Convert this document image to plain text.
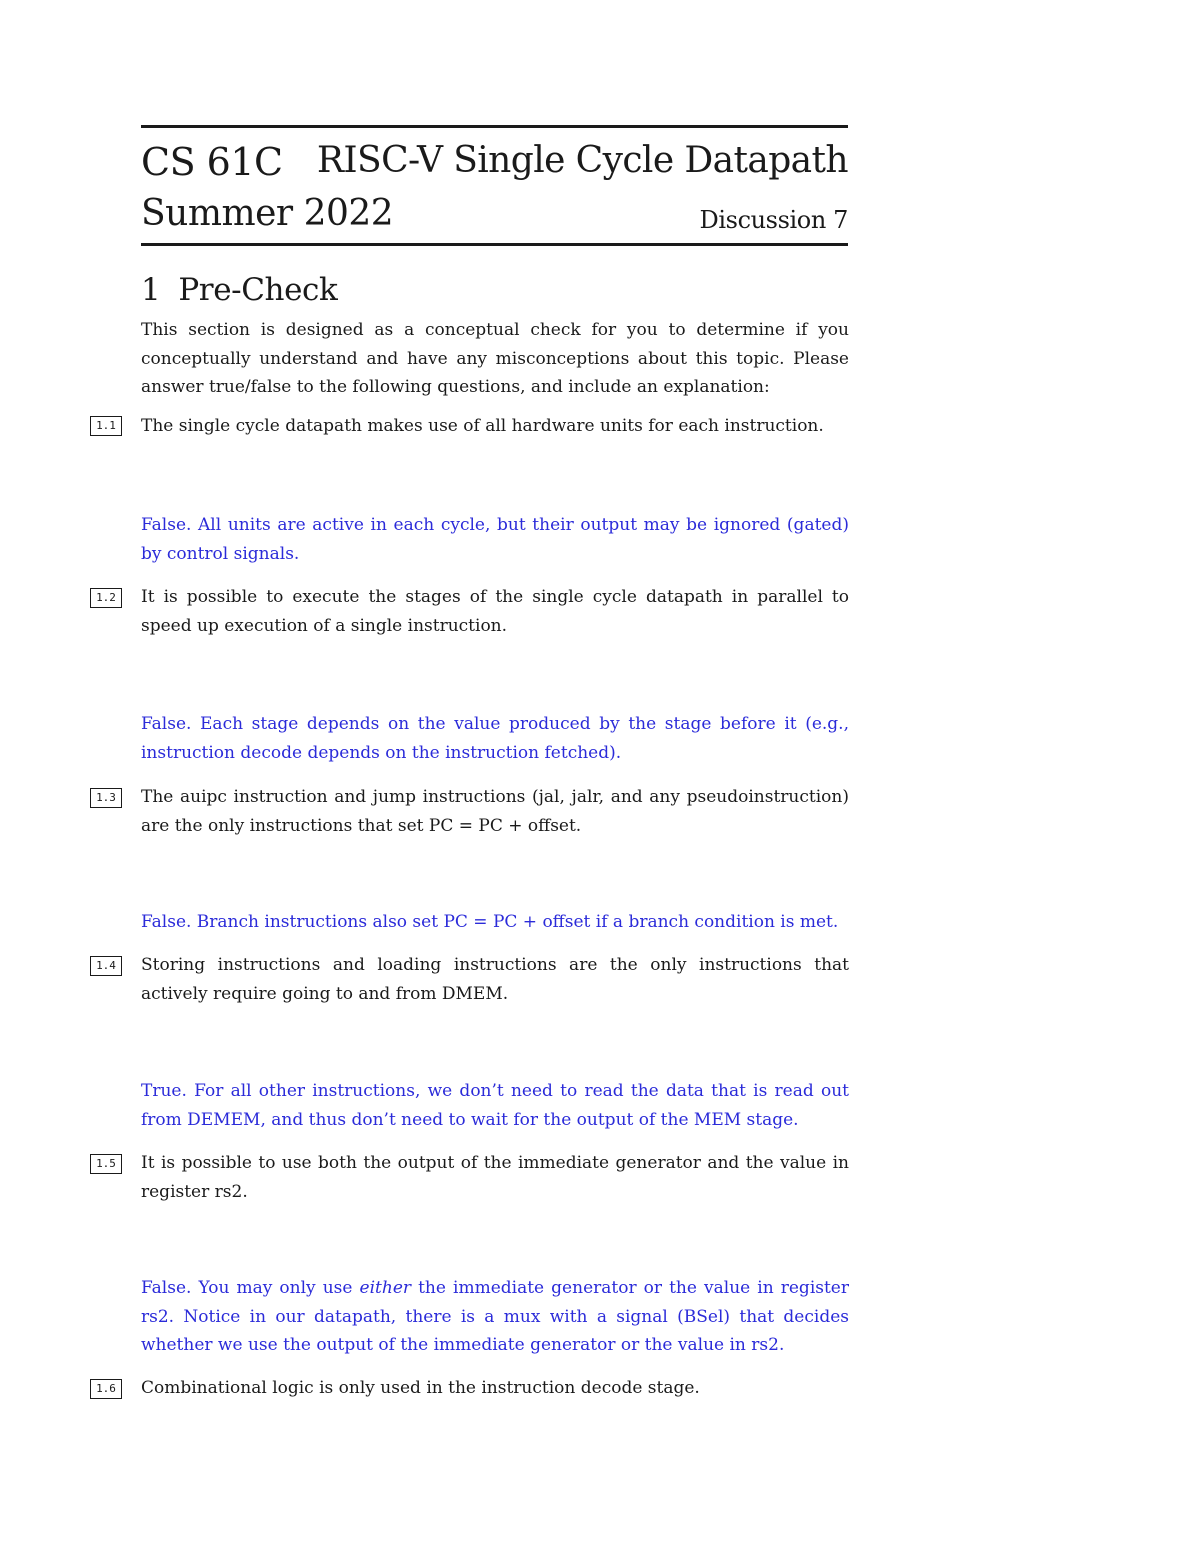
CS 61C RISC-V Single Cycle Datapath
Summer 2022	Discussion 7
1 Pre-Check
This section is designed as a conceptual check for you to determine if you conceptually understand and have any misconceptions about this topic. Please answer true/false to the following questions, and include an explanation:
1.1	The single cycle datapath makes use of all hardware units for each instruction.
False. All units are active in each cycle, but their output may be ignored (gated) by control signals.
1.2	It is possible to execute the stages of the single cycle datapath in parallel to speed up execution of a single instruction.
False. Each stage depends on the value produced by the stage before it (e.g., instruction decode depends on the instruction fetched).
1.3	The auipc instruction and jump instructions (jal, jalr, and any pseudoinstruction) are the only instructions that set PC = PC + offset.
False. Branch instructions also set PC = PC + offset if a branch condition is met.
1.4	Storing instructions and loading instructions are the only instructions that actively require going to and from DMEM.
True. For all other instructions, we don’t need to read the data that is read out from DEMEM, and thus don’t need to wait for the output of the MEM stage.
1.5	It is possible to use both the output of the immediate generator and the value in register rs2.
False. You may only use either the immediate generator or the value in register rs2. Notice in our datapath, there is a mux with a signal (BSel) that decides whether we use the output of the immediate generator or the value in rs2.
1.6	Combinational logic is only used in the instruction decode stage.
